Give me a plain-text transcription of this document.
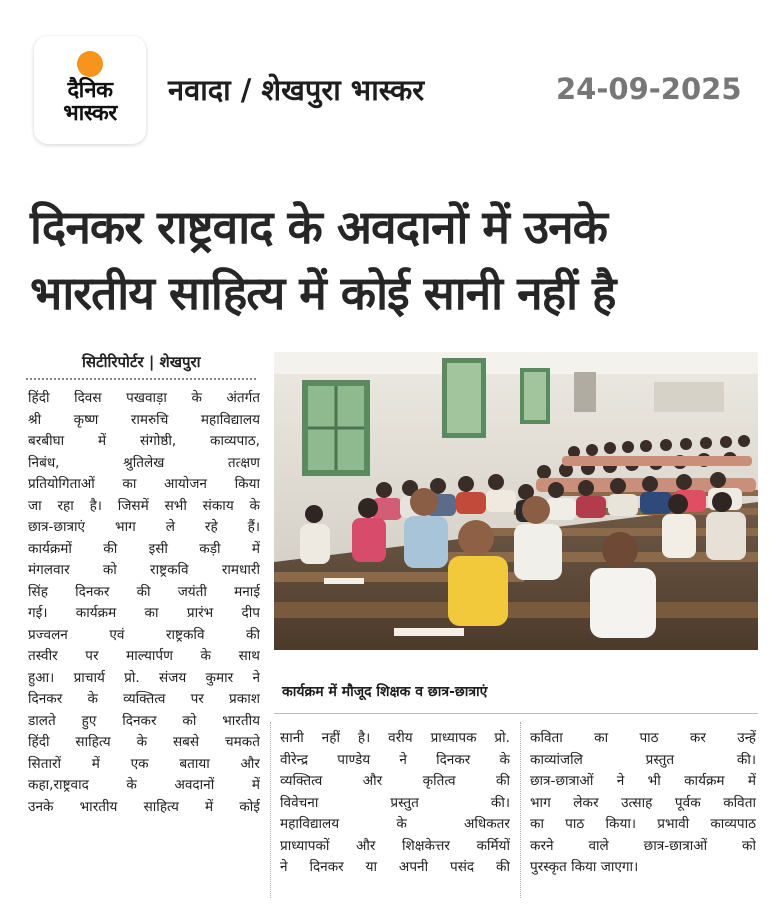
दैनिक
भास्कर
नवादा / शेखपुरा भास्कर	24-09-2025
दिनकर राष्ट्रवाद के अवदानों में उनके
भारतीय साहित्य में कोई सानी नहीं है
सिटीरिपोर्टर | शेखपुरा
हिंदी दिवस पखवाड़ा के अंतर्गत
श्री कृष्ण रामरुचि महाविद्यालय
बरबीघा में संगोष्ठी, काव्यपाठ,
निबंध, श्रुतिलेख तत्क्षण
प्रतियोगिताओं का आयोजन किया
जा रहा है। जिसमें सभी संकाय के
छात्र-छात्राएं भाग ले रहे हैं।
कार्यक्रमों की इसी कड़ी में
मंगलवार को राष्ट्रकवि रामधारी
सिंह दिनकर की जयंती मनाई
गई। कार्यक्रम का प्रारंभ दीप
प्रज्वलन एवं राष्ट्रकवि की
तस्वीर पर माल्यार्पण के साथ
हुआ। प्राचार्य प्रो. संजय कुमार ने
दिनकर के व्यक्तित्व पर प्रकाश
डालते हुए दिनकर को भारतीय
हिंदी साहित्य के सबसे चमकते
सितारों में एक बताया और
कहा,राष्ट्रवाद के अवदानों में
उनके भारतीय साहित्य में कोई
कार्यक्रम में मौजूद शिक्षक व छात्र-छात्राएं
सानी नहीं है। वरीय प्राध्यापक प्रो.
वीरेन्द्र पाण्डेय ने दिनकर के
व्यक्तित्व और कृतित्व की
विवेचना प्रस्तुत की।
महाविद्यालय के अधिकतर
प्राध्यापकों और शिक्षकेत्तर कर्मियों
ने दिनकर या अपनी पसंद की
कविता का पाठ कर उन्हें
काव्यांजलि प्रस्तुत की।
छात्र-छात्राओं ने भी कार्यक्रम में
भाग लेकर उत्साह पूर्वक कविता
का पाठ किया। प्रभावी काव्यपाठ
करने वाले छात्र-छात्राओं को
पुरस्कृत किया जाएगा।
